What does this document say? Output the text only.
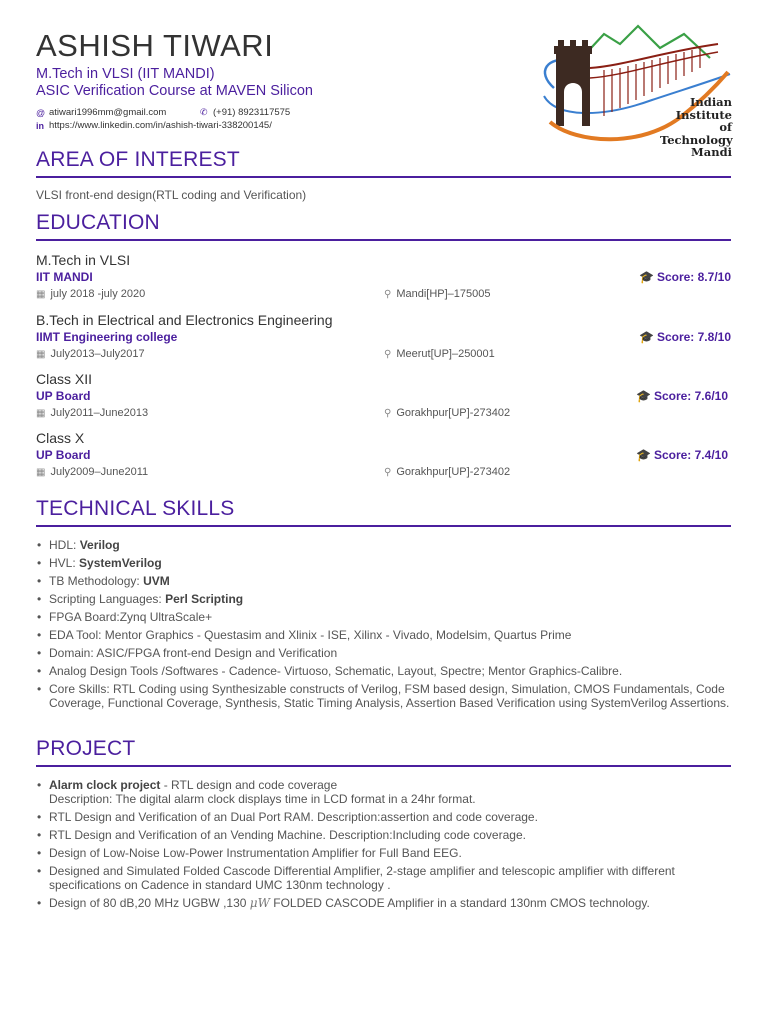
ASHISH TIWARI
M.Tech in VLSI (IIT MANDI)
ASIC Verification Course at MAVEN Silicon
@ atiwari1996mm@gmail.com	✆ (+91) 8923117575
in https://www.linkedin.com/in/ashish-tiwari-338200145/
Indian
Institute of
Technology
Mandi
AREA OF INTEREST
VLSI front-end design(RTL coding and Verification)
EDUCATION
M.Tech in VLSI
IIT MANDI	🎓 Score: 8.7/10
▦ july 2018 -july 2020	⚲ Mandi[HP]–175005
B.Tech in Electrical and Electronics Engineering
IIMT Engineering college	🎓 Score: 7.8/10
▦ July2013–July2017	⚲ Meerut[UP]–250001
Class XII
UP Board	🎓 Score: 7.6/10
▦ July2011–June2013	⚲ Gorakhpur[UP]-273402
Class X
UP Board	🎓 Score: 7.4/10
▦ July2009–June2011	⚲ Gorakhpur[UP]-273402
TECHNICAL SKILLS
• HDL: Verilog
• HVL: SystemVerilog
• TB Methodology: UVM
• Scripting Languages: Perl Scripting
• FPGA Board:Zynq UltraScale+
• EDA Tool: Mentor Graphics - Questasim and Xlinix - ISE, Xilinx - Vivado, Modelsim, Quartus Prime
• Domain: ASIC/FPGA front-end Design and Verification
• Analog Design Tools /Softwares - Cadence- Virtuoso, Schematic, Layout, Spectre; Mentor Graphics-Calibre.
• Core Skills: RTL Coding using Synthesizable constructs of Verilog, FSM based design, Simulation, CMOS Fundamentals, Code Coverage, Functional Coverage, Synthesis, Static Timing Analysis, Assertion Based Verification using SystemVerilog Assertions.
PROJECT
• Alarm clock project - RTL design and code coverage
Description: The digital alarm clock displays time in LCD format in a 24hr format.
• RTL Design and Verification of an Dual Port RAM. Description:assertion and code coverage.
• RTL Design and Verification of an Vending Machine. Description:Including code coverage.
• Design of Low-Noise Low-Power Instrumentation Amplifier for Full Band EEG.
• Designed and Simulated Folded Cascode Differential Amplifier, 2-stage amplifier and telescopic amplifier with different specifications on Cadence in standard UMC 130nm technology .
• Design of 80 dB,20 MHz UGBW ,130 μW FOLDED CASCODE Amplifier in a standard 130nm CMOS technology.
